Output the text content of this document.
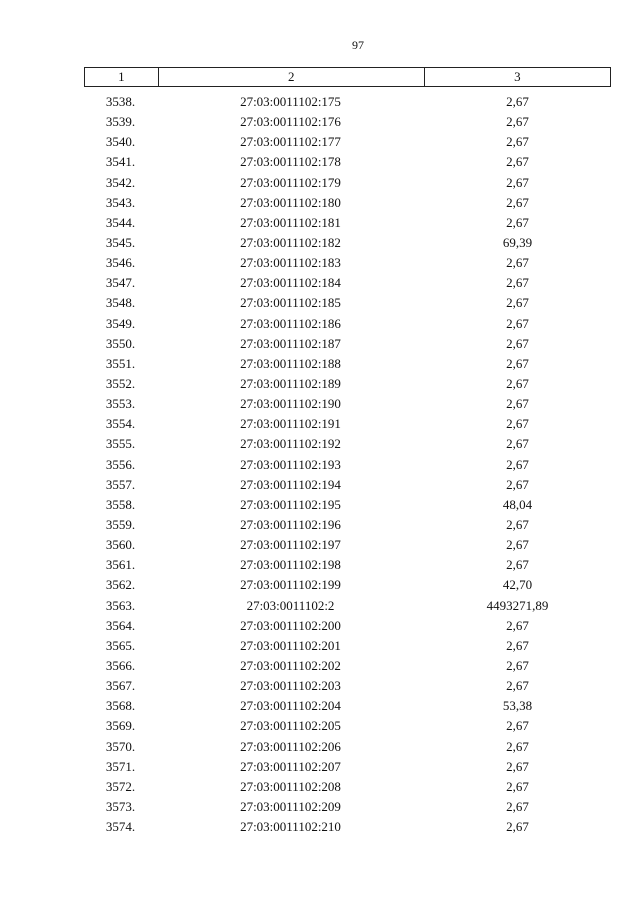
97
1	2	3
3538.	27:03:0011102:175	2,67
3539.	27:03:0011102:176	2,67
3540.	27:03:0011102:177	2,67
3541.	27:03:0011102:178	2,67
3542.	27:03:0011102:179	2,67
3543.	27:03:0011102:180	2,67
3544.	27:03:0011102:181	2,67
3545.	27:03:0011102:182	69,39
3546.	27:03:0011102:183	2,67
3547.	27:03:0011102:184	2,67
3548.	27:03:0011102:185	2,67
3549.	27:03:0011102:186	2,67
3550.	27:03:0011102:187	2,67
3551.	27:03:0011102:188	2,67
3552.	27:03:0011102:189	2,67
3553.	27:03:0011102:190	2,67
3554.	27:03:0011102:191	2,67
3555.	27:03:0011102:192	2,67
3556.	27:03:0011102:193	2,67
3557.	27:03:0011102:194	2,67
3558.	27:03:0011102:195	48,04
3559.	27:03:0011102:196	2,67
3560.	27:03:0011102:197	2,67
3561.	27:03:0011102:198	2,67
3562.	27:03:0011102:199	42,70
3563.	27:03:0011102:2	4493271,89
3564.	27:03:0011102:200	2,67
3565.	27:03:0011102:201	2,67
3566.	27:03:0011102:202	2,67
3567.	27:03:0011102:203	2,67
3568.	27:03:0011102:204	53,38
3569.	27:03:0011102:205	2,67
3570.	27:03:0011102:206	2,67
3571.	27:03:0011102:207	2,67
3572.	27:03:0011102:208	2,67
3573.	27:03:0011102:209	2,67
3574.	27:03:0011102:210	2,67
